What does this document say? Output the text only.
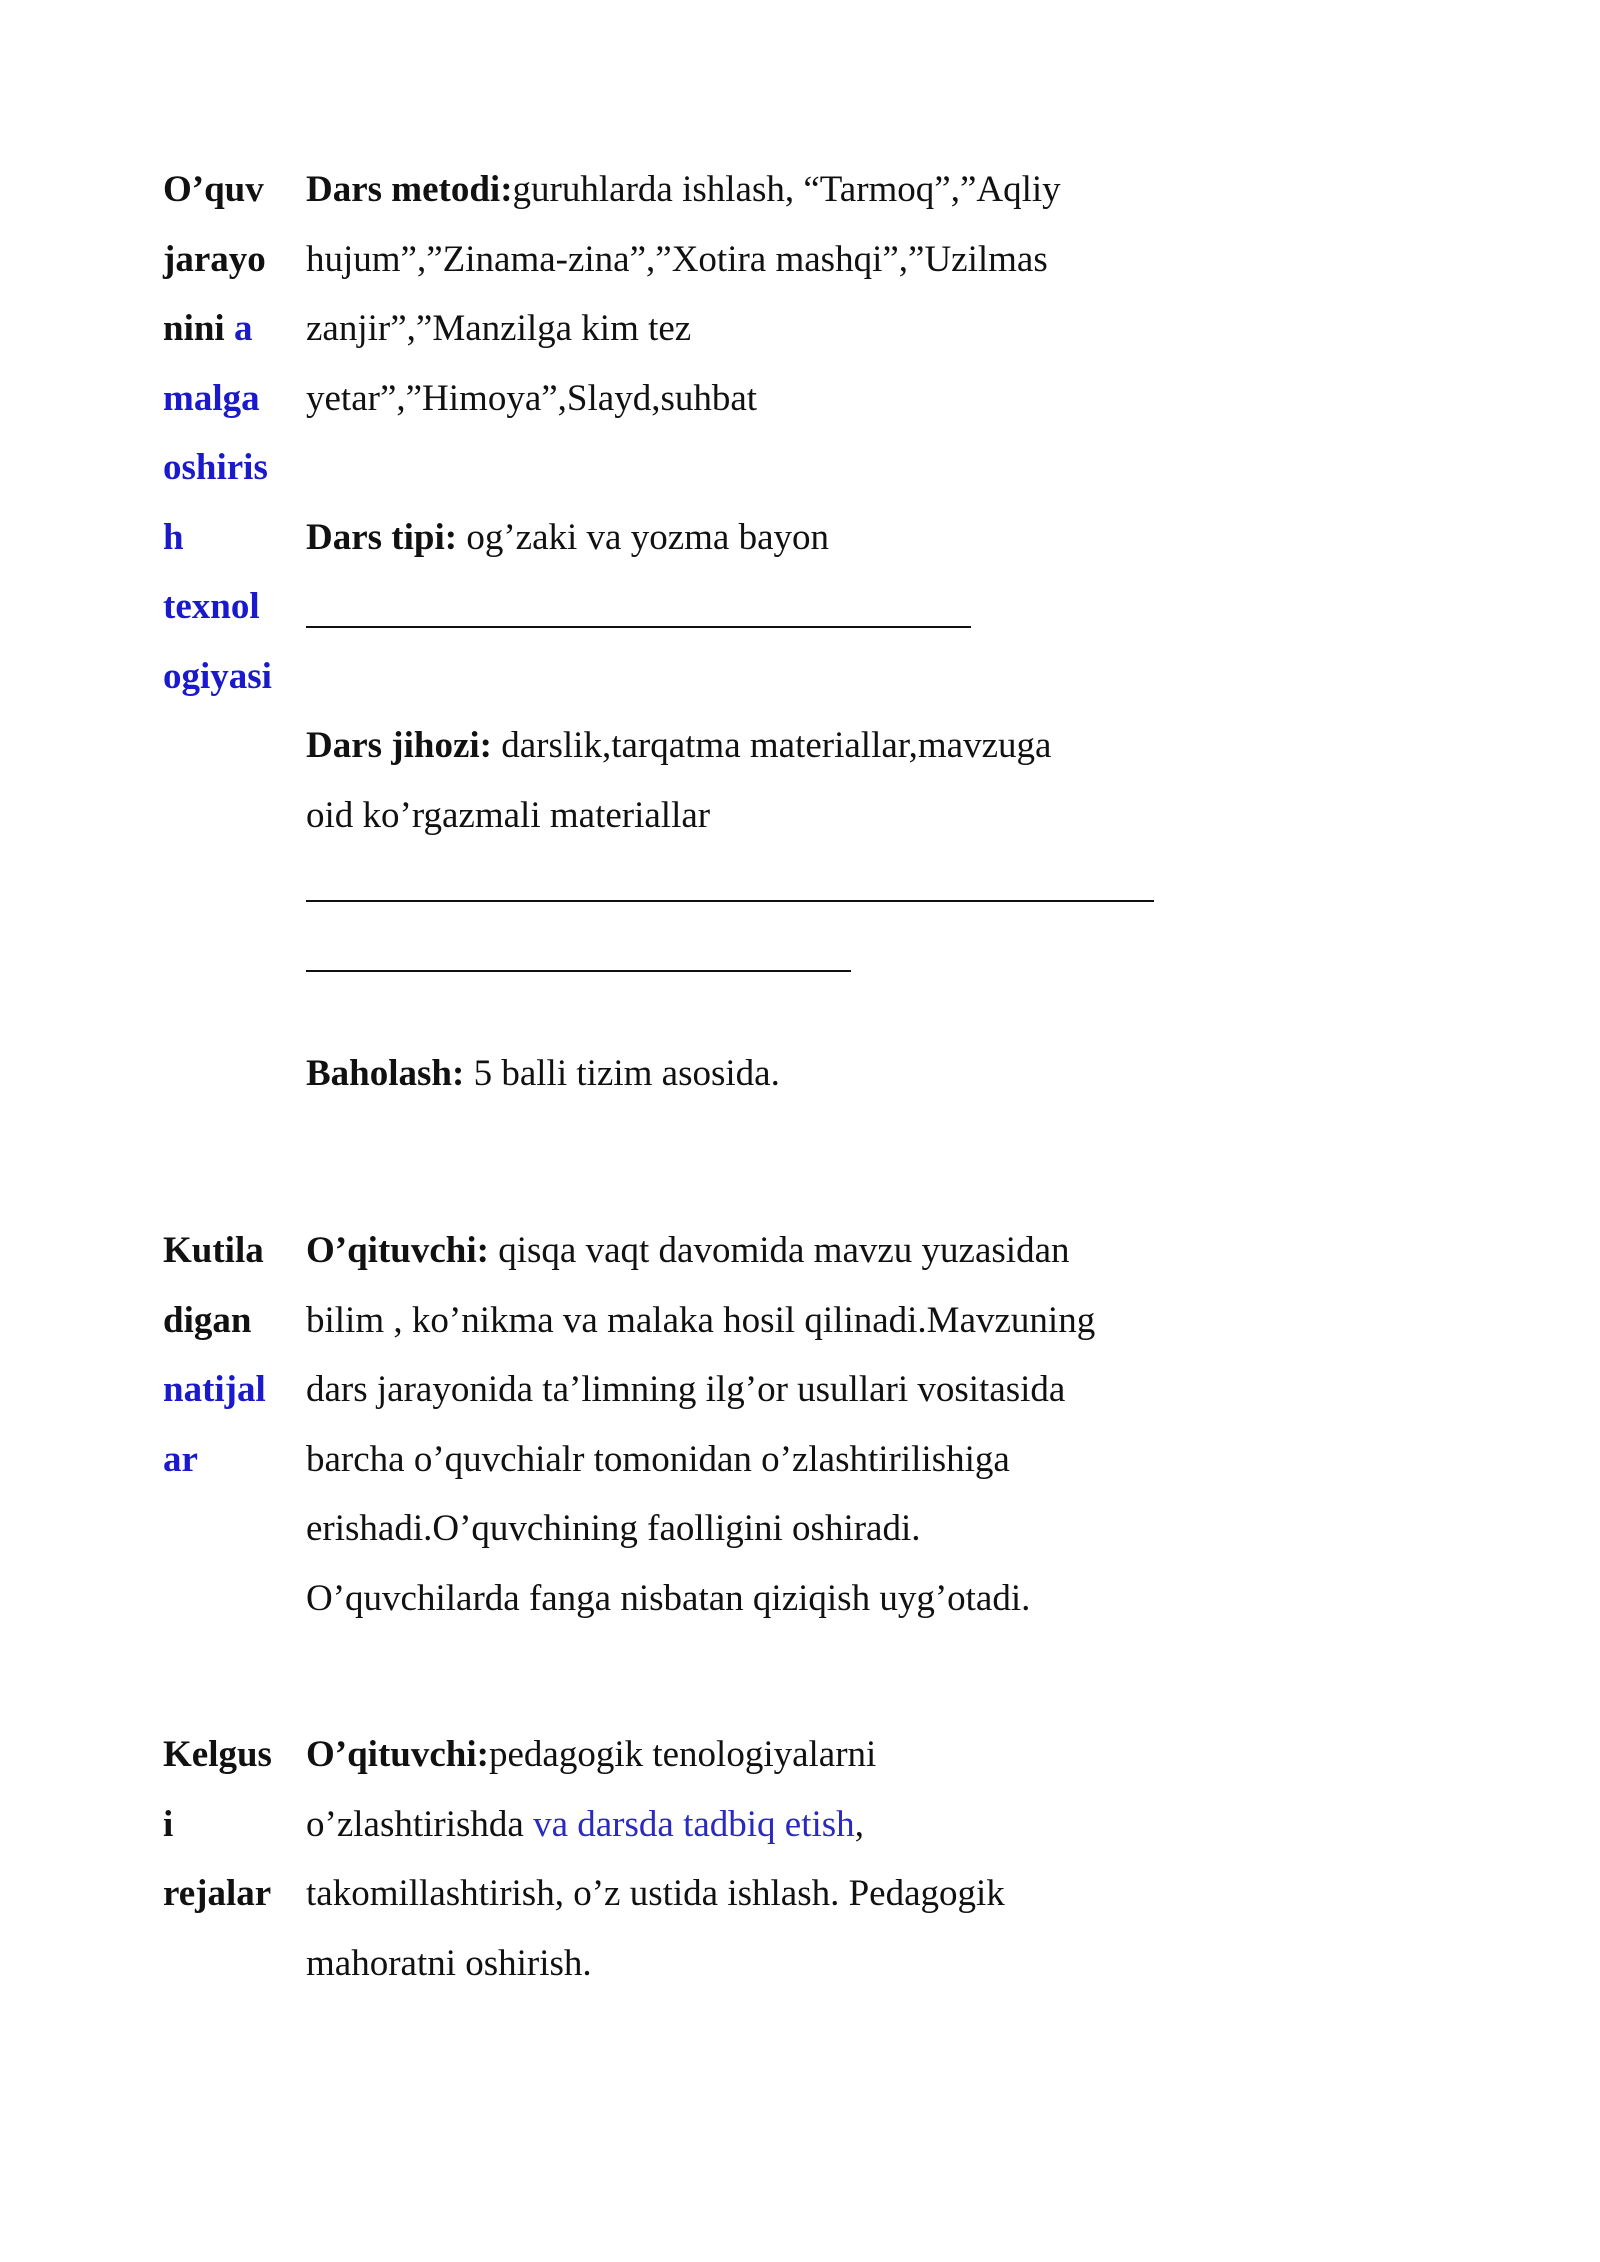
O’quv
jarayo
nini a
malga
oshiris
h
texnol
ogiyasi
Dars metodi:guruhlarda ishlash, “Tarmoq”,”Aqliy
hujum”,”Zinama-zina”,”Xotira mashqi”,”Uzilmas
zanjir”,”Manzilga kim tez
yetar”,”Himoya”,Slayd,suhbat

Dars tipi: og’zaki va yozma bayon

Dars jihozi: darslik,tarqatma materiallar,mavzuga
oid ko’rgazmali materiallar

Baholash: 5 balli tizim asosida.
Kutila
digan
natijal
ar
O’qituvchi: qisqa vaqt davomida mavzu yuzasidan
bilim , ko’nikma va malaka hosil qilinadi.Mavzuning
dars jarayonida ta’limning ilg’or usullari vositasida
barcha o’quvchialr tomonidan o’zlashtirilishiga
erishadi.O’quvchining faolligini oshiradi.
O’quvchilarda fanga nisbatan qiziqish uyg’otadi.
Kelgus
i
rejalar
O’qituvchi:pedagogik tenologiyalarni
o’zlashtirishda va darsda tadbiq etish,
takomillashtirish, o’z ustida ishlash. Pedagogik
mahoratni oshirish.
